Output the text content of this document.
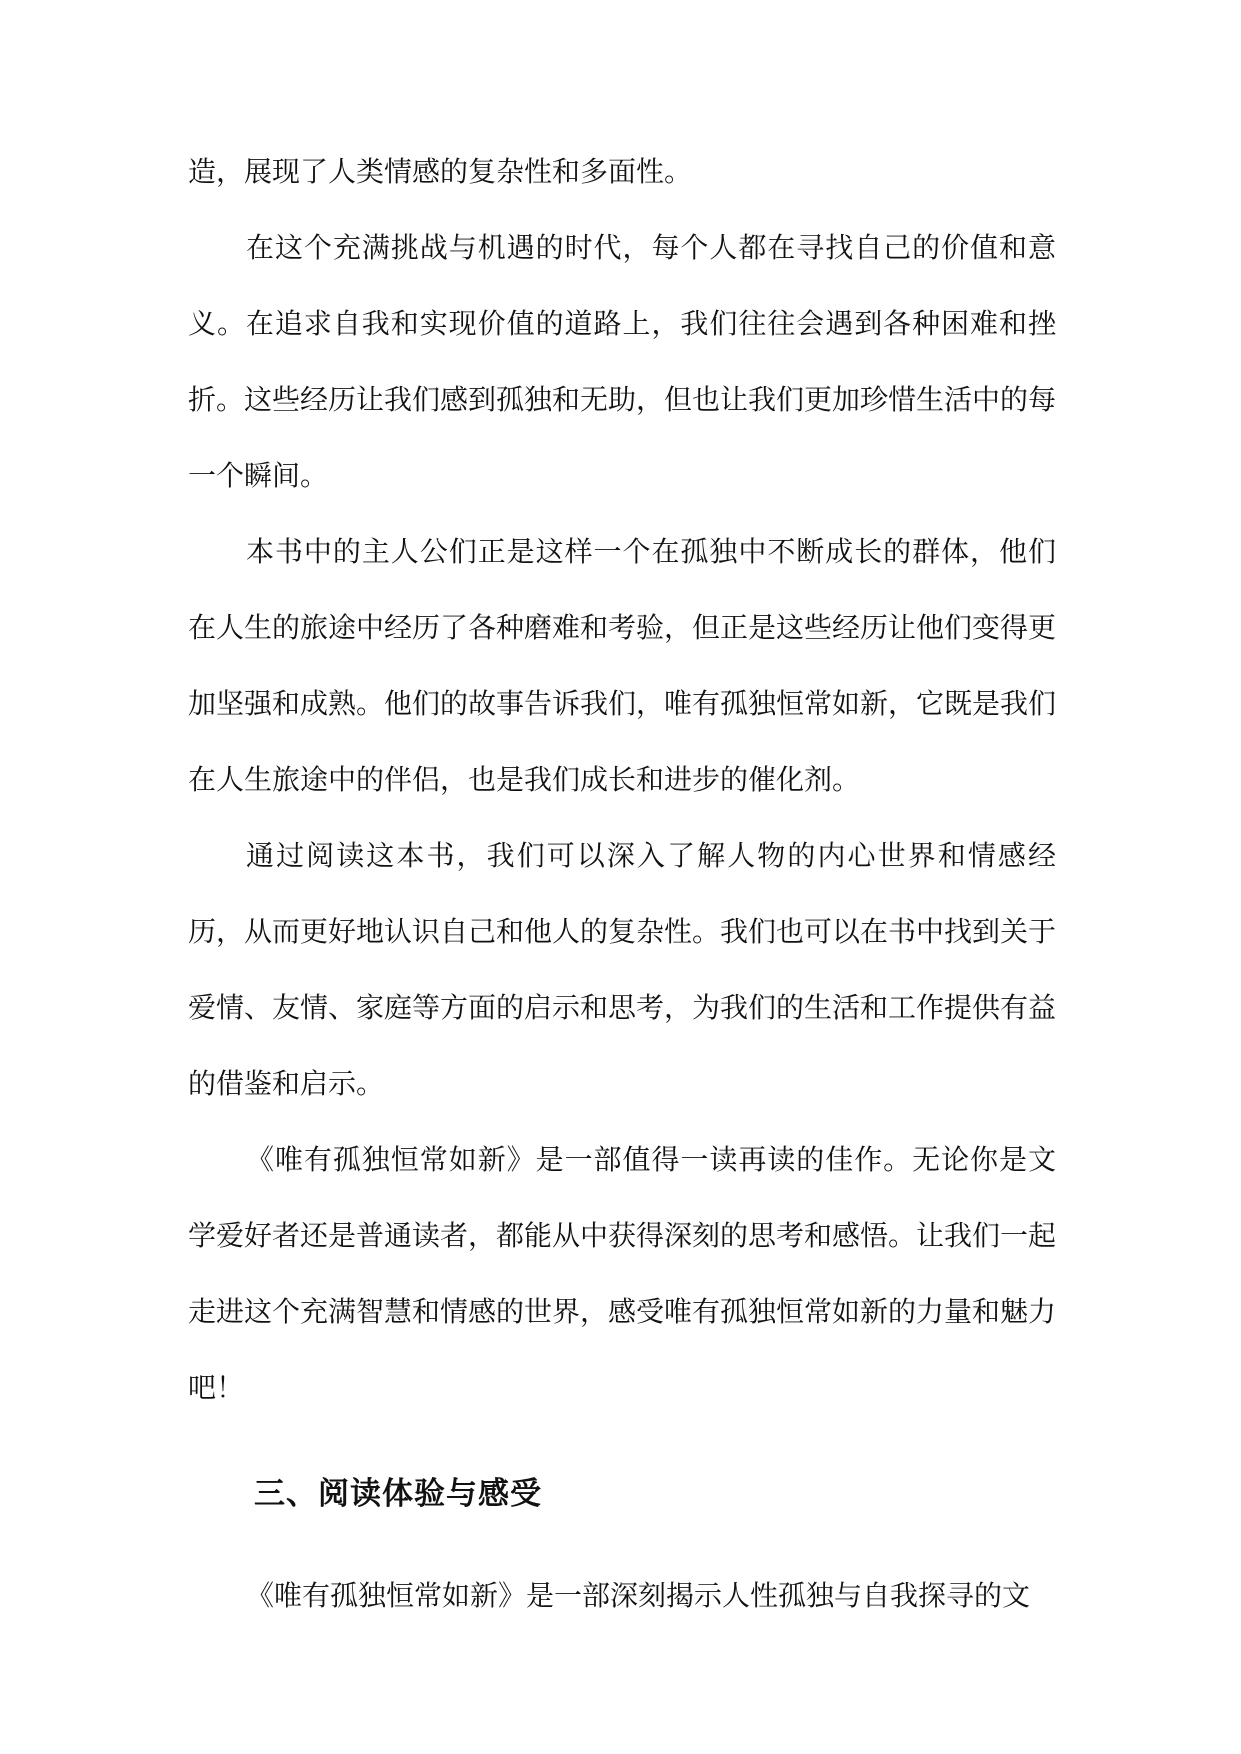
造，展现了人类情感的复杂性和多面性。

在这个充满挑战与机遇的时代，每个人都在寻找自己的价值和意义。在追求自我和实现价值的道路上，我们往往会遇到各种困难和挫折。这些经历让我们感到孤独和无助，但也让我们更加珍惜生活中的每一个瞬间。

本书中的主人公们正是这样一个在孤独中不断成长的群体，他们在人生的旅途中经历了各种磨难和考验，但正是这些经历让他们变得更加坚强和成熟。他们的故事告诉我们，唯有孤独恒常如新，它既是我们在人生旅途中的伴侣，也是我们成长和进步的催化剂。

通过阅读这本书，我们可以深入了解人物的内心世界和情感经历，从而更好地认识自己和他人的复杂性。我们也可以在书中找到关于爱情、友情、家庭等方面的启示和思考，为我们的生活和工作提供有益的借鉴和启示。

《唯有孤独恒常如新》是一部值得一读再读的佳作。无论你是文学爱好者还是普通读者，都能从中获得深刻的思考和感悟。让我们一起走进这个充满智慧和情感的世界，感受唯有孤独恒常如新的力量和魅力吧！

三、阅读体验与感受

《唯有孤独恒常如新》是一部深刻揭示人性孤独与自我探寻的文
